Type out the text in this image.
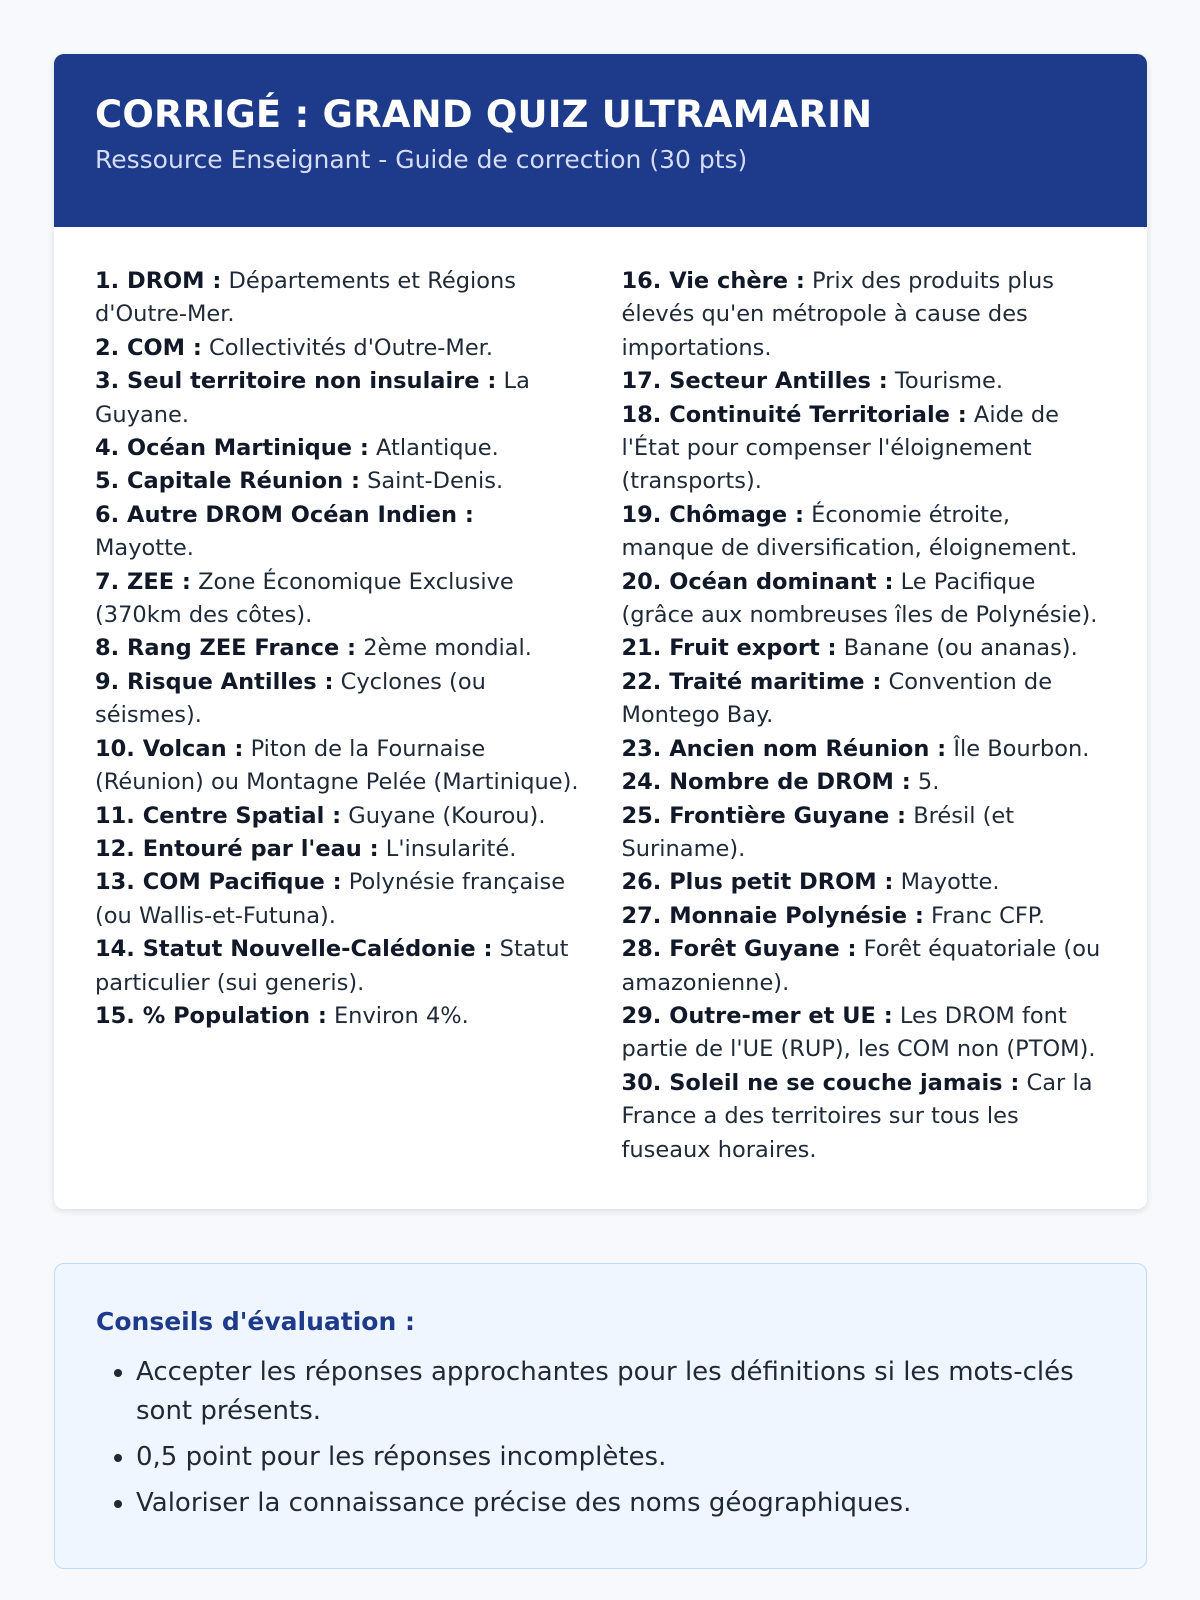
CORRIGÉ : GRAND QUIZ ULTRAMARIN

Ressource Enseignant - Guide de correction (30 pts)

1. DROM : Départements et Régions d'Outre-Mer.
2. COM : Collectivités d'Outre-Mer.
3. Seul territoire non insulaire : La Guyane.
4. Océan Martinique : Atlantique.
5. Capitale Réunion : Saint-Denis.
6. Autre DROM Océan Indien : Mayotte.
7. ZEE : Zone Économique Exclusive (370km des côtes).
8. Rang ZEE France : 2ème mondial.
9. Risque Antilles : Cyclones (ou séismes).
10. Volcan : Piton de la Fournaise (Réunion) ou Montagne Pelée (Martinique).
11. Centre Spatial : Guyane (Kourou).
12. Entouré par l'eau : L'insularité.
13. COM Pacifique : Polynésie française (ou Wallis-et-Futuna).
14. Statut Nouvelle-Calédonie : Statut particulier (sui generis).
15. % Population : Environ 4%.
16. Vie chère : Prix des produits plus élevés qu'en métropole à cause des importations.
17. Secteur Antilles : Tourisme.
18. Continuité Territoriale : Aide de l'État pour compenser l'éloignement (transports).
19. Chômage : Économie étroite, manque de diversification, éloignement.
20. Océan dominant : Le Pacifique (grâce aux nombreuses îles de Polynésie).
21. Fruit export : Banane (ou ananas).
22. Traité maritime : Convention de Montego Bay.
23. Ancien nom Réunion : Île Bourbon.
24. Nombre de DROM : 5.
25. Frontière Guyane : Brésil (et Suriname).
26. Plus petit DROM : Mayotte.
27. Monnaie Polynésie : Franc CFP.
28. Forêt Guyane : Forêt équatoriale (ou amazonienne).
29. Outre-mer et UE : Les DROM font partie de l'UE (RUP), les COM non (PTOM).
30. Soleil ne se couche jamais : Car la France a des territoires sur tous les fuseaux horaires.
Conseils d'évaluation :
• Accepter les réponses approchantes pour les définitions si les mots-clés sont présents.
• 0,5 point pour les réponses incomplètes.
• Valoriser la connaissance précise des noms géographiques.
